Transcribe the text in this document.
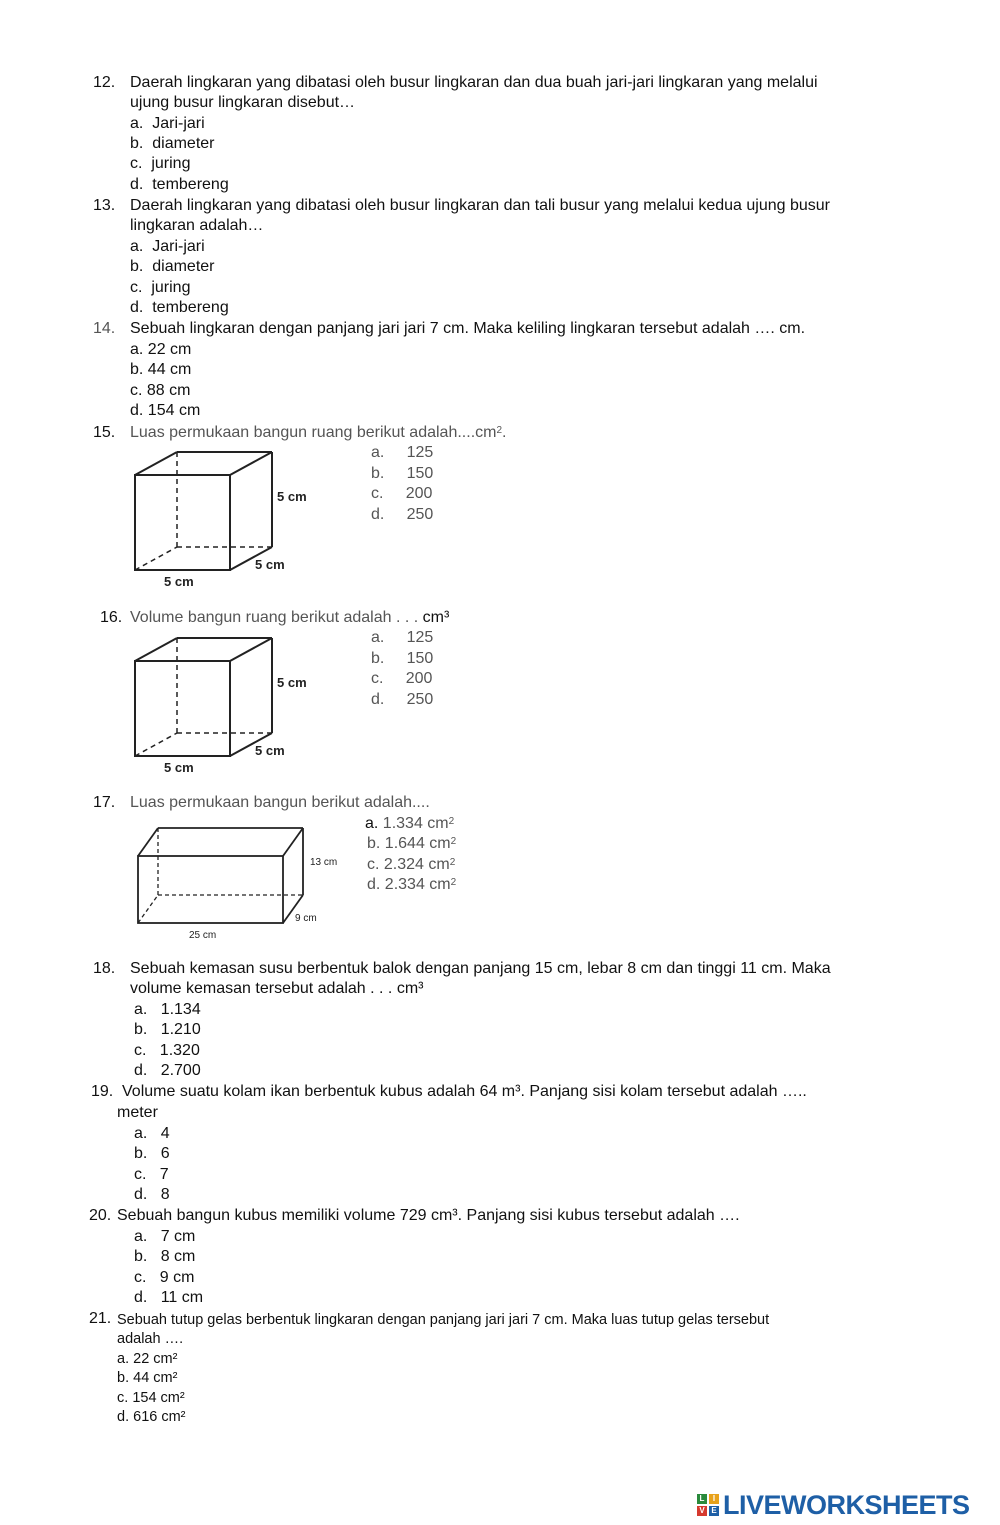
12. Daerah lingkaran yang dibatasi oleh busur lingkaran dan dua buah jari-jari lingkaran yang melalui
ujung busur lingkaran disebut…
a. Jari-jari
b. diameter
c. juring
d. tembereng
13. Daerah lingkaran yang dibatasi oleh busur lingkaran dan tali busur yang melalui kedua ujung busur
lingkaran adalah…
a. Jari-jari
b. diameter
c. juring
d. tembereng
14. Sebuah lingkaran dengan panjang jari jari 7 cm. Maka keliling lingkaran tersebut adalah …. cm.
a. 22 cm
b. 44 cm
c. 88 cm
d. 154 cm
15. Luas permukaan bangun ruang berikut $adalah....cm^2$.
a. 125
b. 150
c. 200
d. 250
5 cm
5 cm
5 cm
16. Volume bangun ruang berikut adalah . . . cm³
a. 125
b. 150
c. 200
d. 250
5 cm
5 cm
5 cm
17. Luas permukaan bangun berikut adalah....
a. 1.334 $cm^2$
b. 1.644 $cm^2$
c. 2.324 $cm^2$
d. 2.334 $cm^2$
13 cm
9 cm
25 cm
18. Sebuah kemasan susu berbentuk balok dengan panjang 15 cm, lebar 8 cm dan tinggi 11 cm. Maka
volume kemasan tersebut adalah . . . cm³
a. 1.134
b. 1.210
c. 1.320
d. 2.700
19. Volume suatu kolam ikan berbentuk kubus adalah 64 m³. Panjang sisi kolam tersebut adalah …..
meter
a. 4
b. 6
c. 7
d. 8
20. Sebuah bangun kubus memiliki volume 729 cm³. Panjang sisi kubus tersebut adalah ….
a. 7 cm
b. 8 cm
c. 9 cm
d. 11 cm
21. Sebuah tutup gelas berbentuk lingkaran dengan panjang jari jari 7 cm. Maka luas tutup gelas tersebut
adalah ….
a. 22 cm²
b. 44 cm²
c. 154 cm²
d. 616 cm²
L	I
V E LIVEWORKSHEETS
